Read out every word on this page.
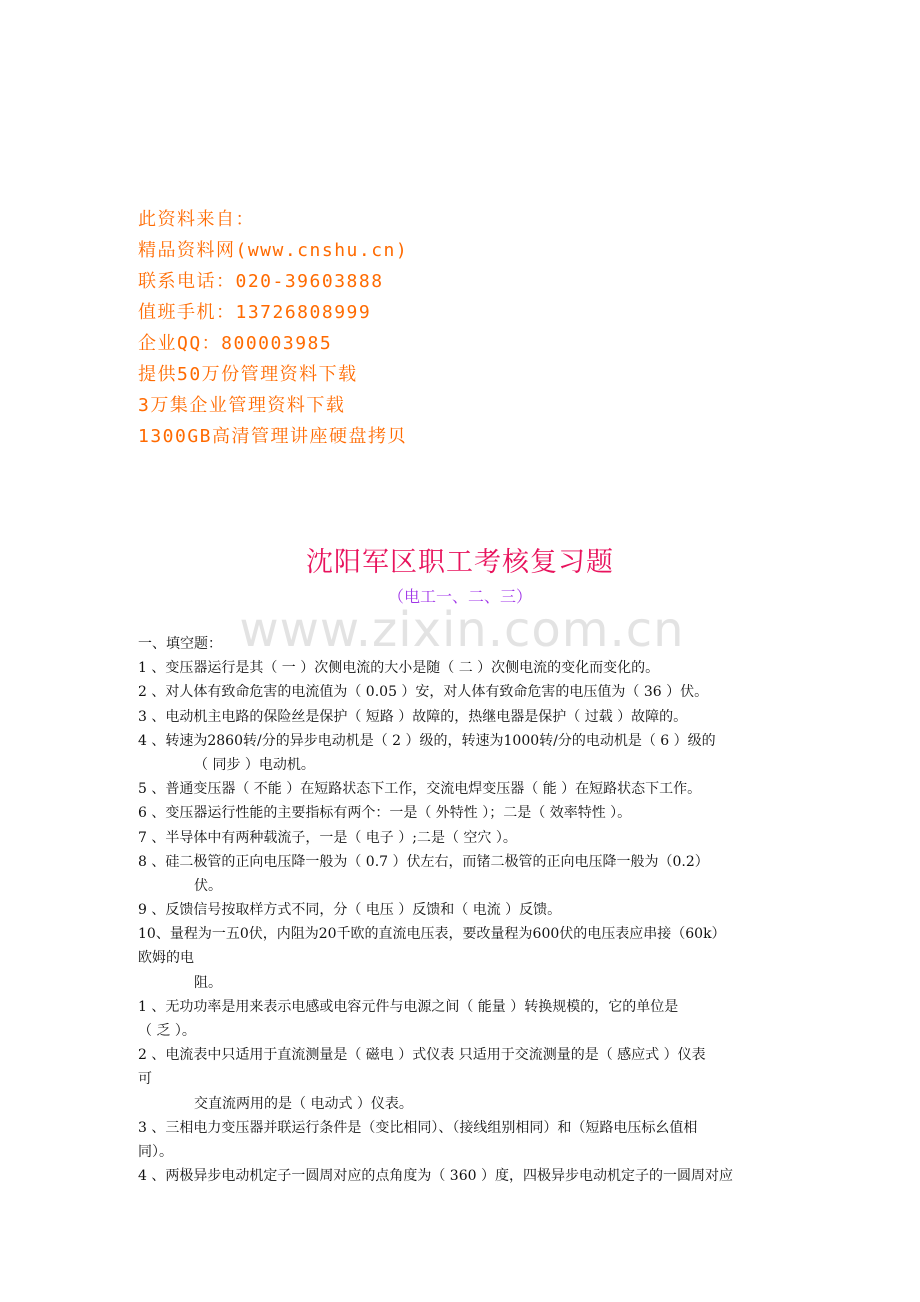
此资料来自：
精品资料网(www.cnshu.cn)
联系电话：020-39603888
值班手机：13726808999
企业QQ：800003985
提供50万份管理资料下载
3万集企业管理资料下载
1300GB高清管理讲座硬盘拷贝
www.zixin.com.cn
沈阳军区职工考核复习题
（电工一、二、三）
一、填空题：
1 、变压器运行是其（ 一 ）次侧电流的大小是随（ 二 ）次侧电流的变化而变化的。
2 、对人体有致命危害的电流值为（ 0.05 ）安，对人体有致命危害的电压值为（ 36 ）伏。
3 、电动机主电路的保险丝是保护（ 短路 ）故障的，热继电器是保护（ 过载 ）故障的。
4 、转速为2860转/分的异步电动机是（ 2 ）级的，转速为1000转/分的电动机是（ 6 ）级的
（ 同步 ）电动机。
5 、普通变压器（ 不能 ）在短路状态下工作，交流电焊变压器（ 能 ）在短路状态下工作。
6 、变压器运行性能的主要指标有两个：一是（ 外特性 ）；二是（ 效率特性 ）。
7 、半导体中有两种载流子，一是（ 电子 ）;二是（ 空穴 ）。
8 、硅二极管的正向电压降一般为（ 0.7 ）伏左右，而锗二极管的正向电压降一般为（0.2）
伏。
9 、反馈信号按取样方式不同，分（ 电压 ）反馈和（ 电流 ）反馈。
10、量程为一五0伏，内阻为20千欧的直流电压表，要改量程为600伏的电压表应串接（60k）
欧姆的电
阻。
1 、无功功率是用来表示电感或电容元件与电源之间（ 能量 ）转换规模的，它的单位是
（ 乏 ）。
2 、电流表中只适用于直流测量是（ 磁电 ）式仪表 只适用于交流测量的是（ 感应式 ）仪表
可
交直流两用的是（ 电动式 ）仪表。
3 、三相电力变压器并联运行条件是（变比相同）、（接线组别相同）和（短路电压标幺值相
同）。
4 、两极异步电动机定子一圆周对应的点角度为（ 360 ）度，四极异步电动机定子的一圆周对应
